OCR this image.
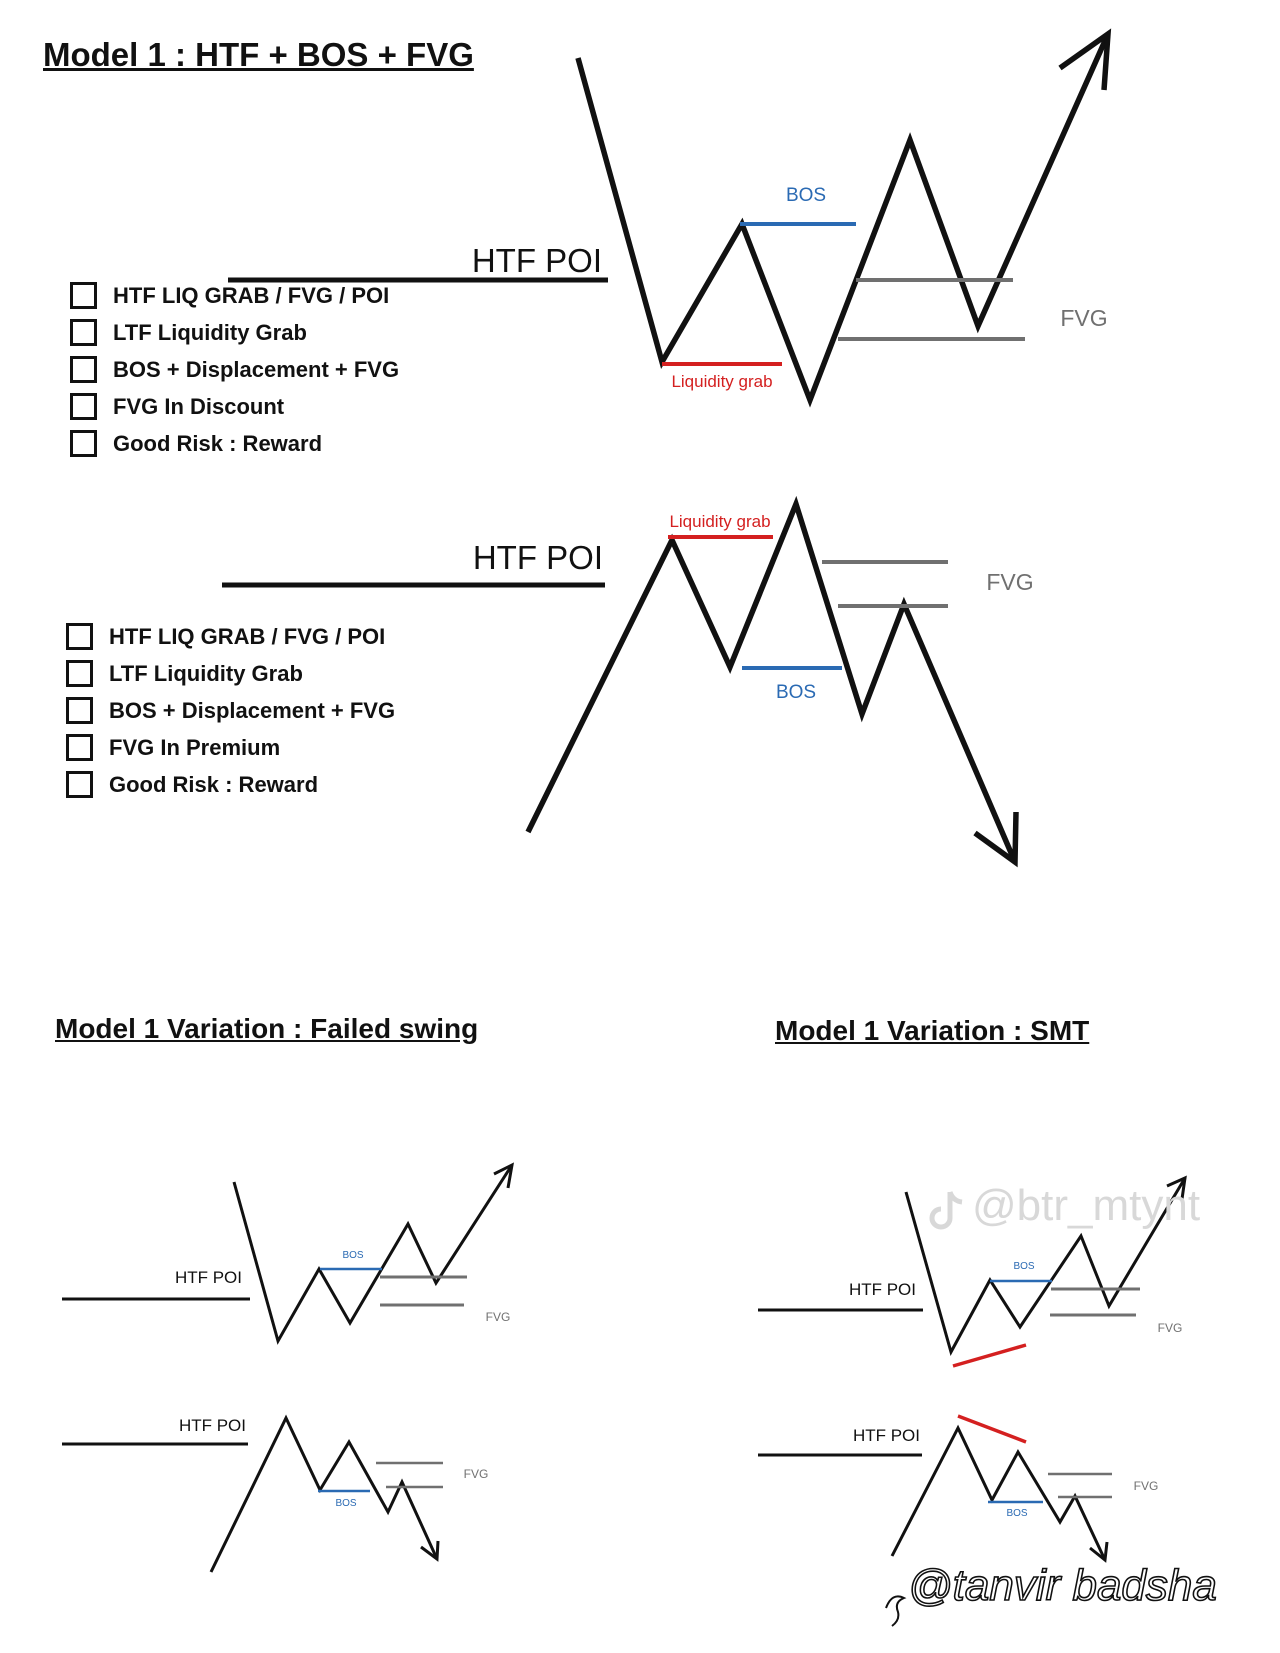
Model 1 : HTF + BOS + FVG
Model 1 Variation : Failed swing	Model 1 Variation : SMT
HTF LIQ GRAB / FVG / POI
LTF Liquidity Grab
BOS + Displacement + FVG
FVG In Discount
Good Risk : Reward
HTF LIQ GRAB / FVG / POI
LTF Liquidity Grab
BOS + Displacement + FVG
FVG In Premium
Good Risk : Reward
HTF POI
BOS
Liquidity grab
FVG
HTF POI
Liquidity grab
BOS
FVG
HTF POI
BOS
FVG
HTF POI
BOS
FVG
HTF POI
BOS
FVG
HTF POI
BOS
FVG
@btr_mtynt
@tanvir badsha
